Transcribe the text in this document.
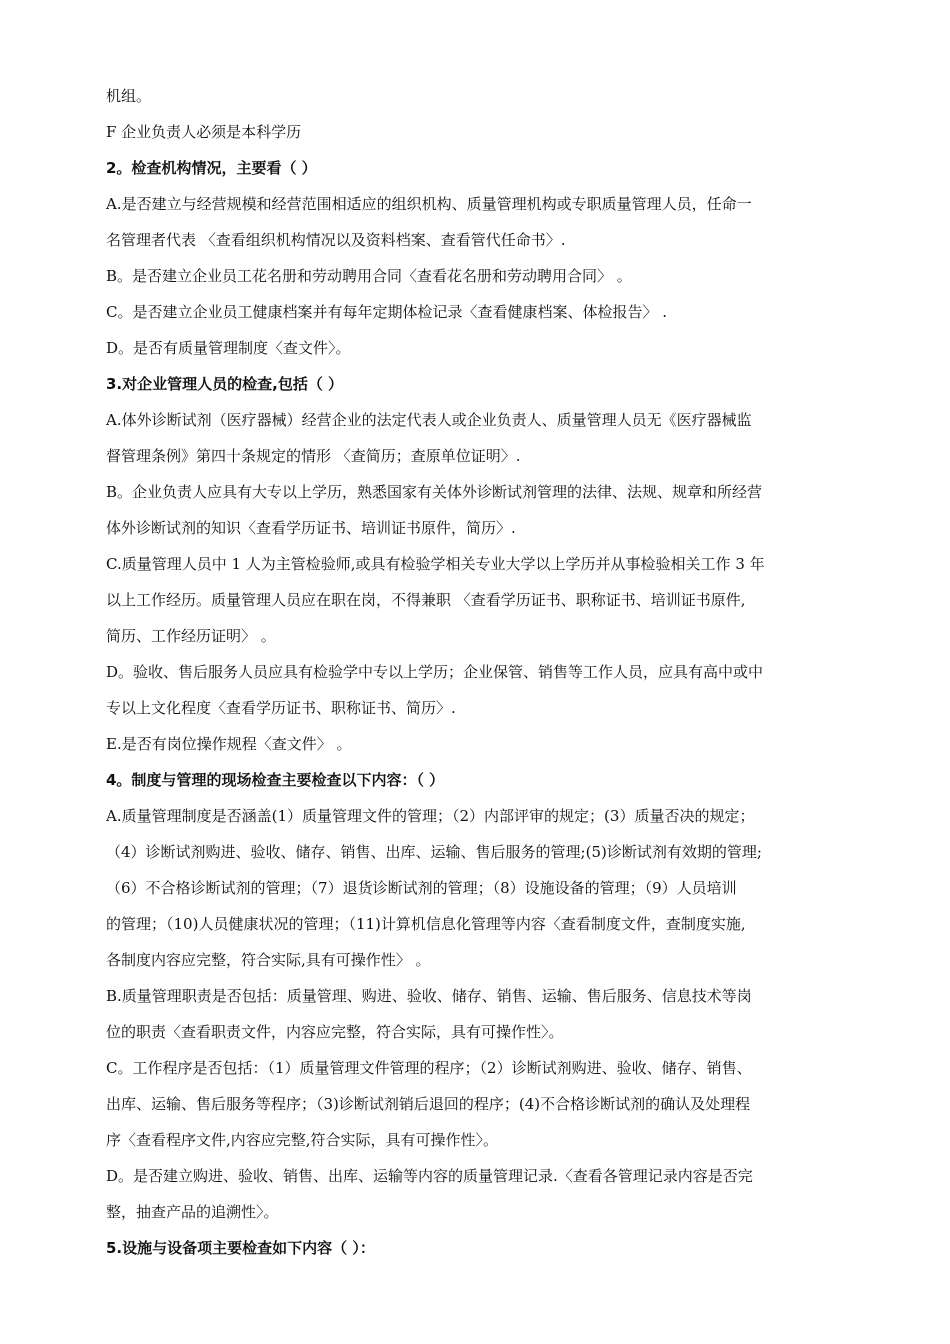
机组。
F 企业负责人必须是本科学历
2。检查机构情况，主要看（ ）
A.是否建立与经营规模和经营范围相适应的组织机构、质量管理机构或专职质量管理人员，任命一
名管理者代表 〈查看组织机构情况以及资料档案、查看管代任命书〉.
B。是否建立企业员工花名册和劳动聘用合同〈查看花名册和劳动聘用合同〉 。
C。是否建立企业员工健康档案并有每年定期体检记录〈查看健康档案、体检报告〉 .
D。是否有质量管理制度〈查文件〉。
3.对企业管理人员的检查,包括（ ）
A.体外诊断试剂（医疗器械）经营企业的法定代表人或企业负责人、质量管理人员无《医疗器械监
督管理条例》第四十条规定的情形 〈查简历；查原单位证明〉.
B。企业负责人应具有大专以上学历，熟悉国家有关体外诊断试剂管理的法律、法规、规章和所经营
体外诊断试剂的知识〈查看学历证书、培训证书原件，简历〉.
C.质量管理人员中 1 人为主管检验师,或具有检验学相关专业大学以上学历并从事检验相关工作 3 年
以上工作经历。质量管理人员应在职在岗，不得兼职 〈查看学历证书、职称证书、培训证书原件,
简历、工作经历证明〉 。
D。验收、售后服务人员应具有检验学中专以上学历；企业保管、销售等工作人员，应具有高中或中
专以上文化程度〈查看学历证书、职称证书、简历〉.
E.是否有岗位操作规程〈查文件〉 。
4。制度与管理的现场检查主要检查以下内容：（ ）
A.质量管理制度是否涵盖(1）质量管理文件的管理；（2）内部评审的规定；(3）质量否决的规定；
（4）诊断试剂购进、验收、储存、销售、出库、运输、售后服务的管理;(5)诊断试剂有效期的管理;
（6）不合格诊断试剂的管理；（7）退货诊断试剂的管理；（8）设施设备的管理；（9）人员培训
的管理；（10)人员健康状况的管理；（11)计算机信息化管理等内容〈查看制度文件，查制度实施,
各制度内容应完整，符合实际,具有可操作性〉 。
B.质量管理职责是否包括：质量管理、购进、验收、储存、销售、运输、售后服务、信息技术等岗
位的职责〈查看职责文件，内容应完整，符合实际，具有可操作性〉。
C。工作程序是否包括：（1）质量管理文件管理的程序；（2）诊断试剂购进、验收、储存、销售、
出库、运输、售后服务等程序；（3)诊断试剂销后退回的程序；(4)不合格诊断试剂的确认及处理程
序〈查看程序文件,内容应完整,符合实际，具有可操作性〉。
D。是否建立购进、验收、销售、出库、运输等内容的质量管理记录.〈查看各管理记录内容是否完
整，抽查产品的追溯性〉。
5.设施与设备项主要检查如下内容（ ）：
